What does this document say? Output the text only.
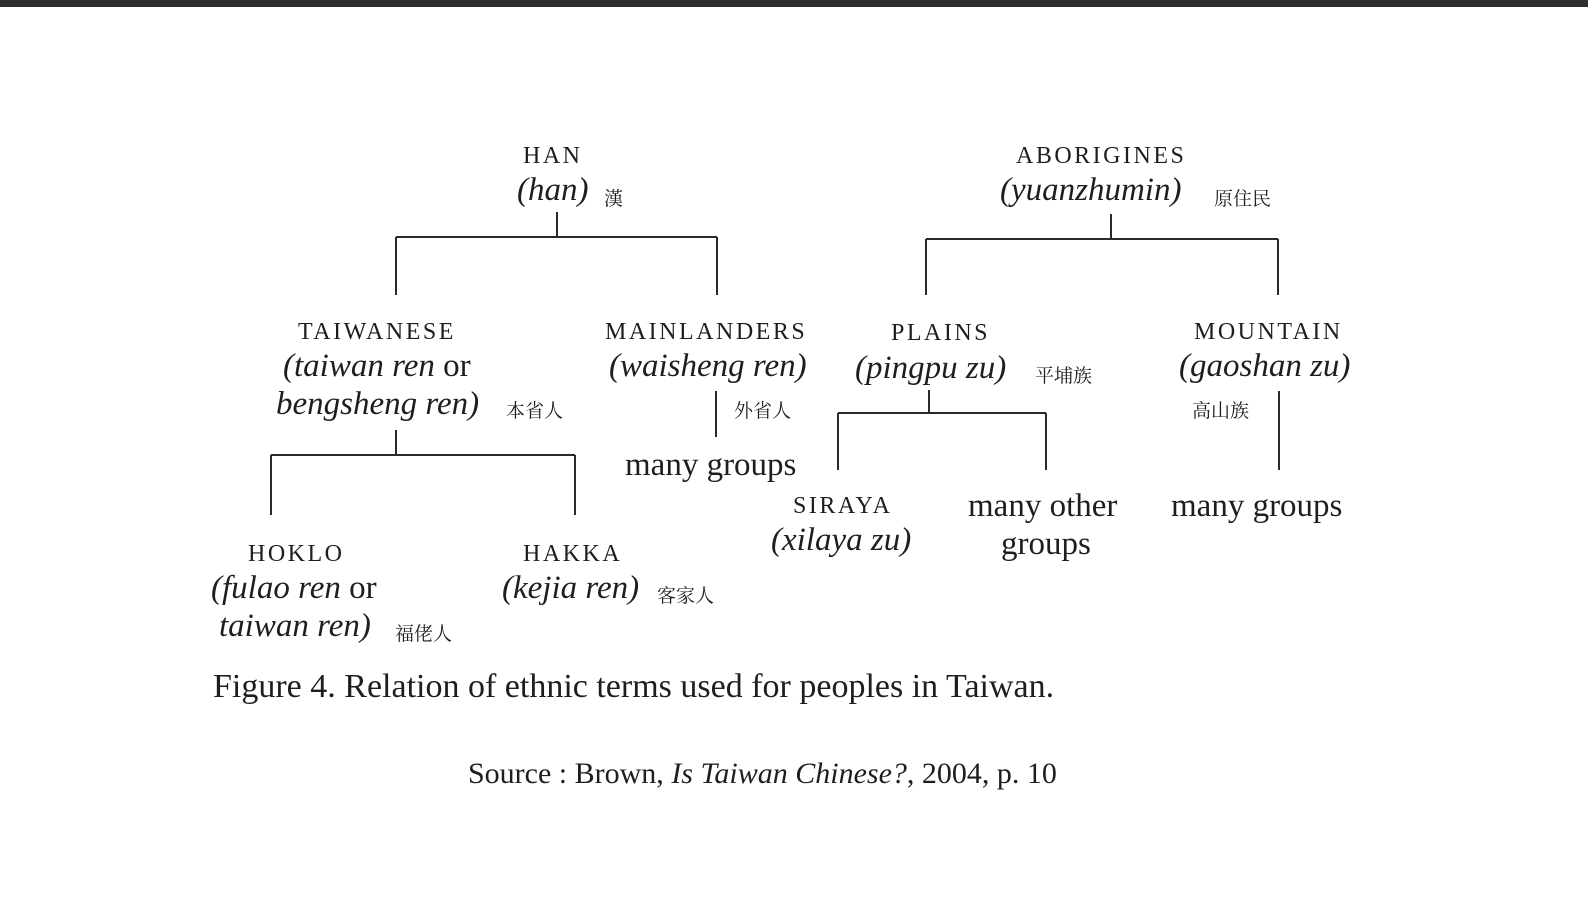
HAN
(han) 漢
ABORIGINES
(yuanzhumin) 原住民
TAIWANESE
(taiwan ren or
bengsheng ren) 本省人
MAINLANDERS
(waisheng ren)
外省人
many groups
PLAINS
(pingpu zu) 平埔族
MOUNTAIN
(gaoshan zu)
高山族
many groups
HOKLO
(fulao ren or
taiwan ren) 福佬人
HAKKA
(kejia ren) 客家人
SIRAYA
(xilaya zu)
many other
groups
Figure 4. Relation of ethnic terms used for peoples in Taiwan.
Source : Brown, Is Taiwan Chinese?, 2004, p. 10
